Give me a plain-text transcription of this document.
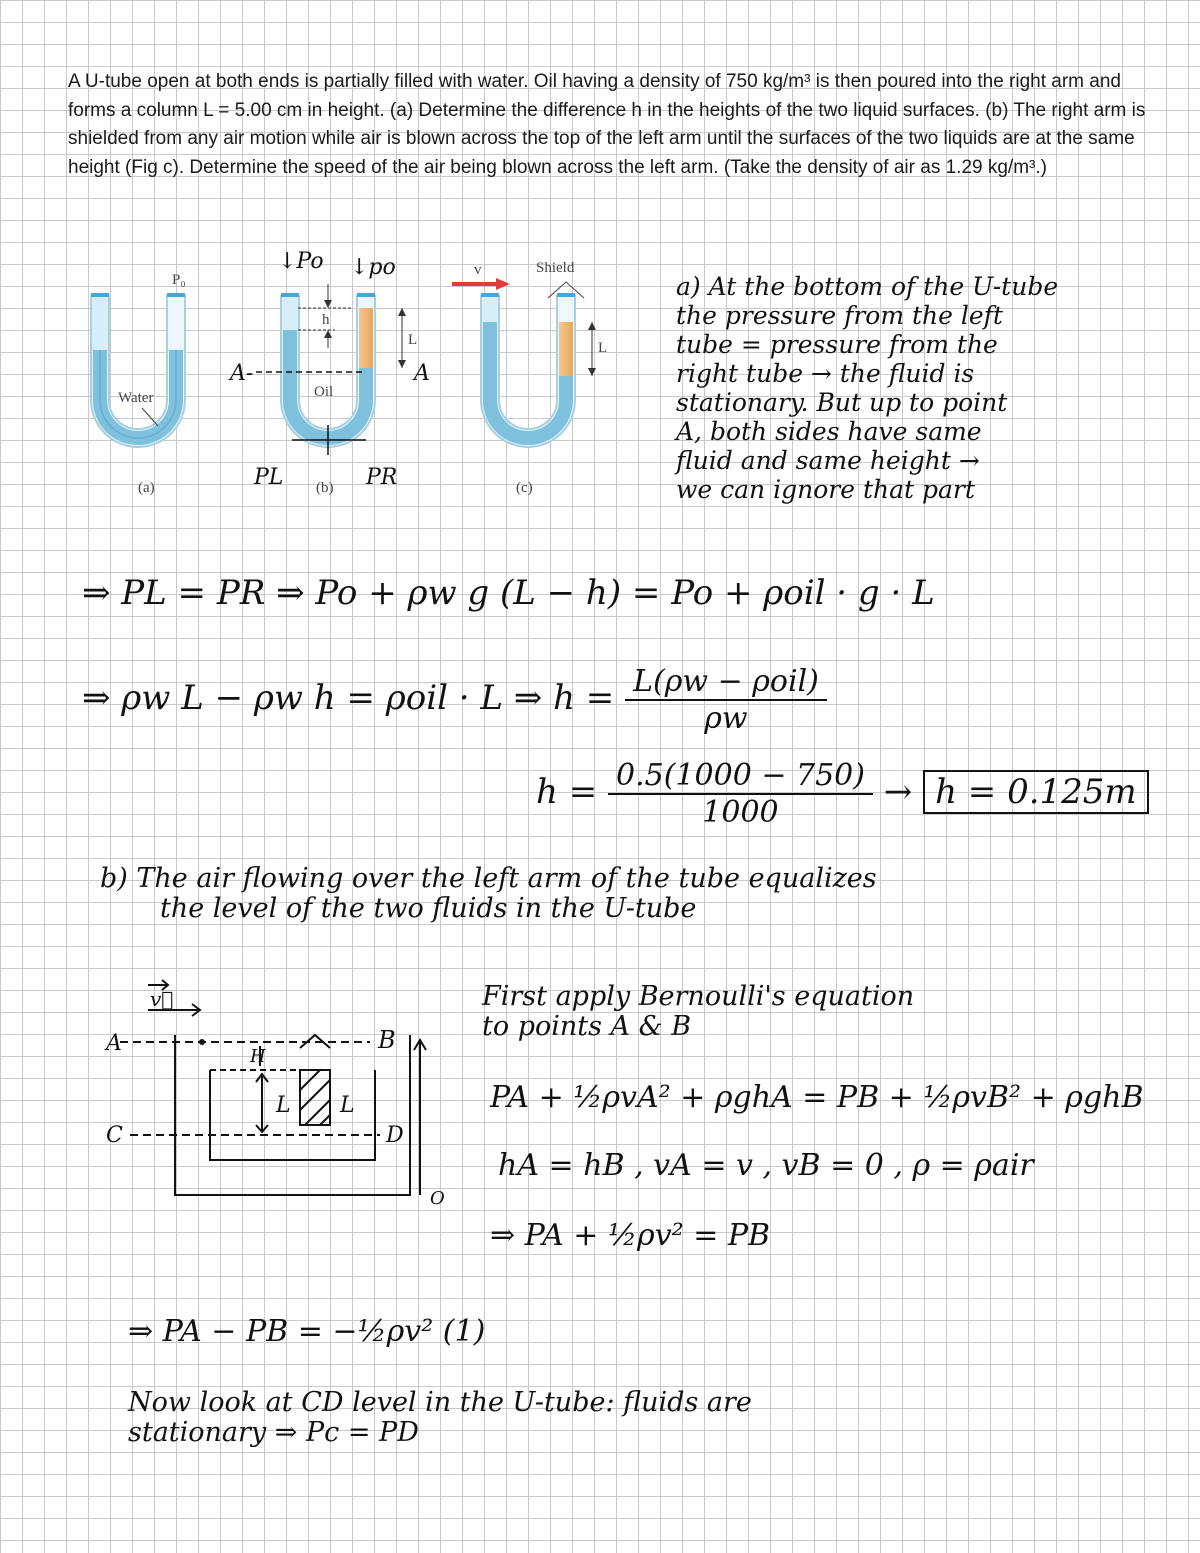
A U-tube open at both ends is partially filled with water. Oil having a density of 750 kg/m³ is then poured into the right arm and forms a column L = 5.00 cm in height. (a) Determine the difference h in the heights of the two liquid surfaces. (b) The right arm is shielded from any air motion while air is blown across the top of the left arm until the surfaces of the two liquids are at the same height (Fig c). Determine the speed of the air being blown across the left arm. (Take the density of air as 1.29 kg/m³.)

P₀
Water
(a)
h
L
↓Po ↓po
A-	A
Oil
PL (b) PR
v	Shield
L
(c)
a) At the bottom of the U-tube
the pressure from the left
tube = pressure from the
right tube → the fluid is
stationary. But up to point
A, both sides have same
fluid and same height →
we can ignore that part
⇒ PL = PR ⇒ Po + ρw g (L − h) = Po + ρoil · g · L
⇒ ρw L − ρw h = ρoil · L ⇒ $h = \frac{\text{L(ρw − ρoil)}}{\rho w}$
$h = \frac{0.5(1000 - 750)}{1000} \to h = 0.125m$
b) The air flowing over the left arm of the tube equalizes
the level of the two fluids in the U-tube
v⃗
A	B
H
L L
C	D
O
First apply Bernoulli's equation
to points A & B
PA + ½ρvA² + ρghA = PB + ½ρvB² + ρghB
hA = hB , vA = v , vB = 0 , ρ = ρair
⇒ PA + ½ρv² = PB
⇒ PA − PB = −½ρv² (1)
Now look at CD level in the U-tube: fluids are
stationary ⇒ Pc = PD
